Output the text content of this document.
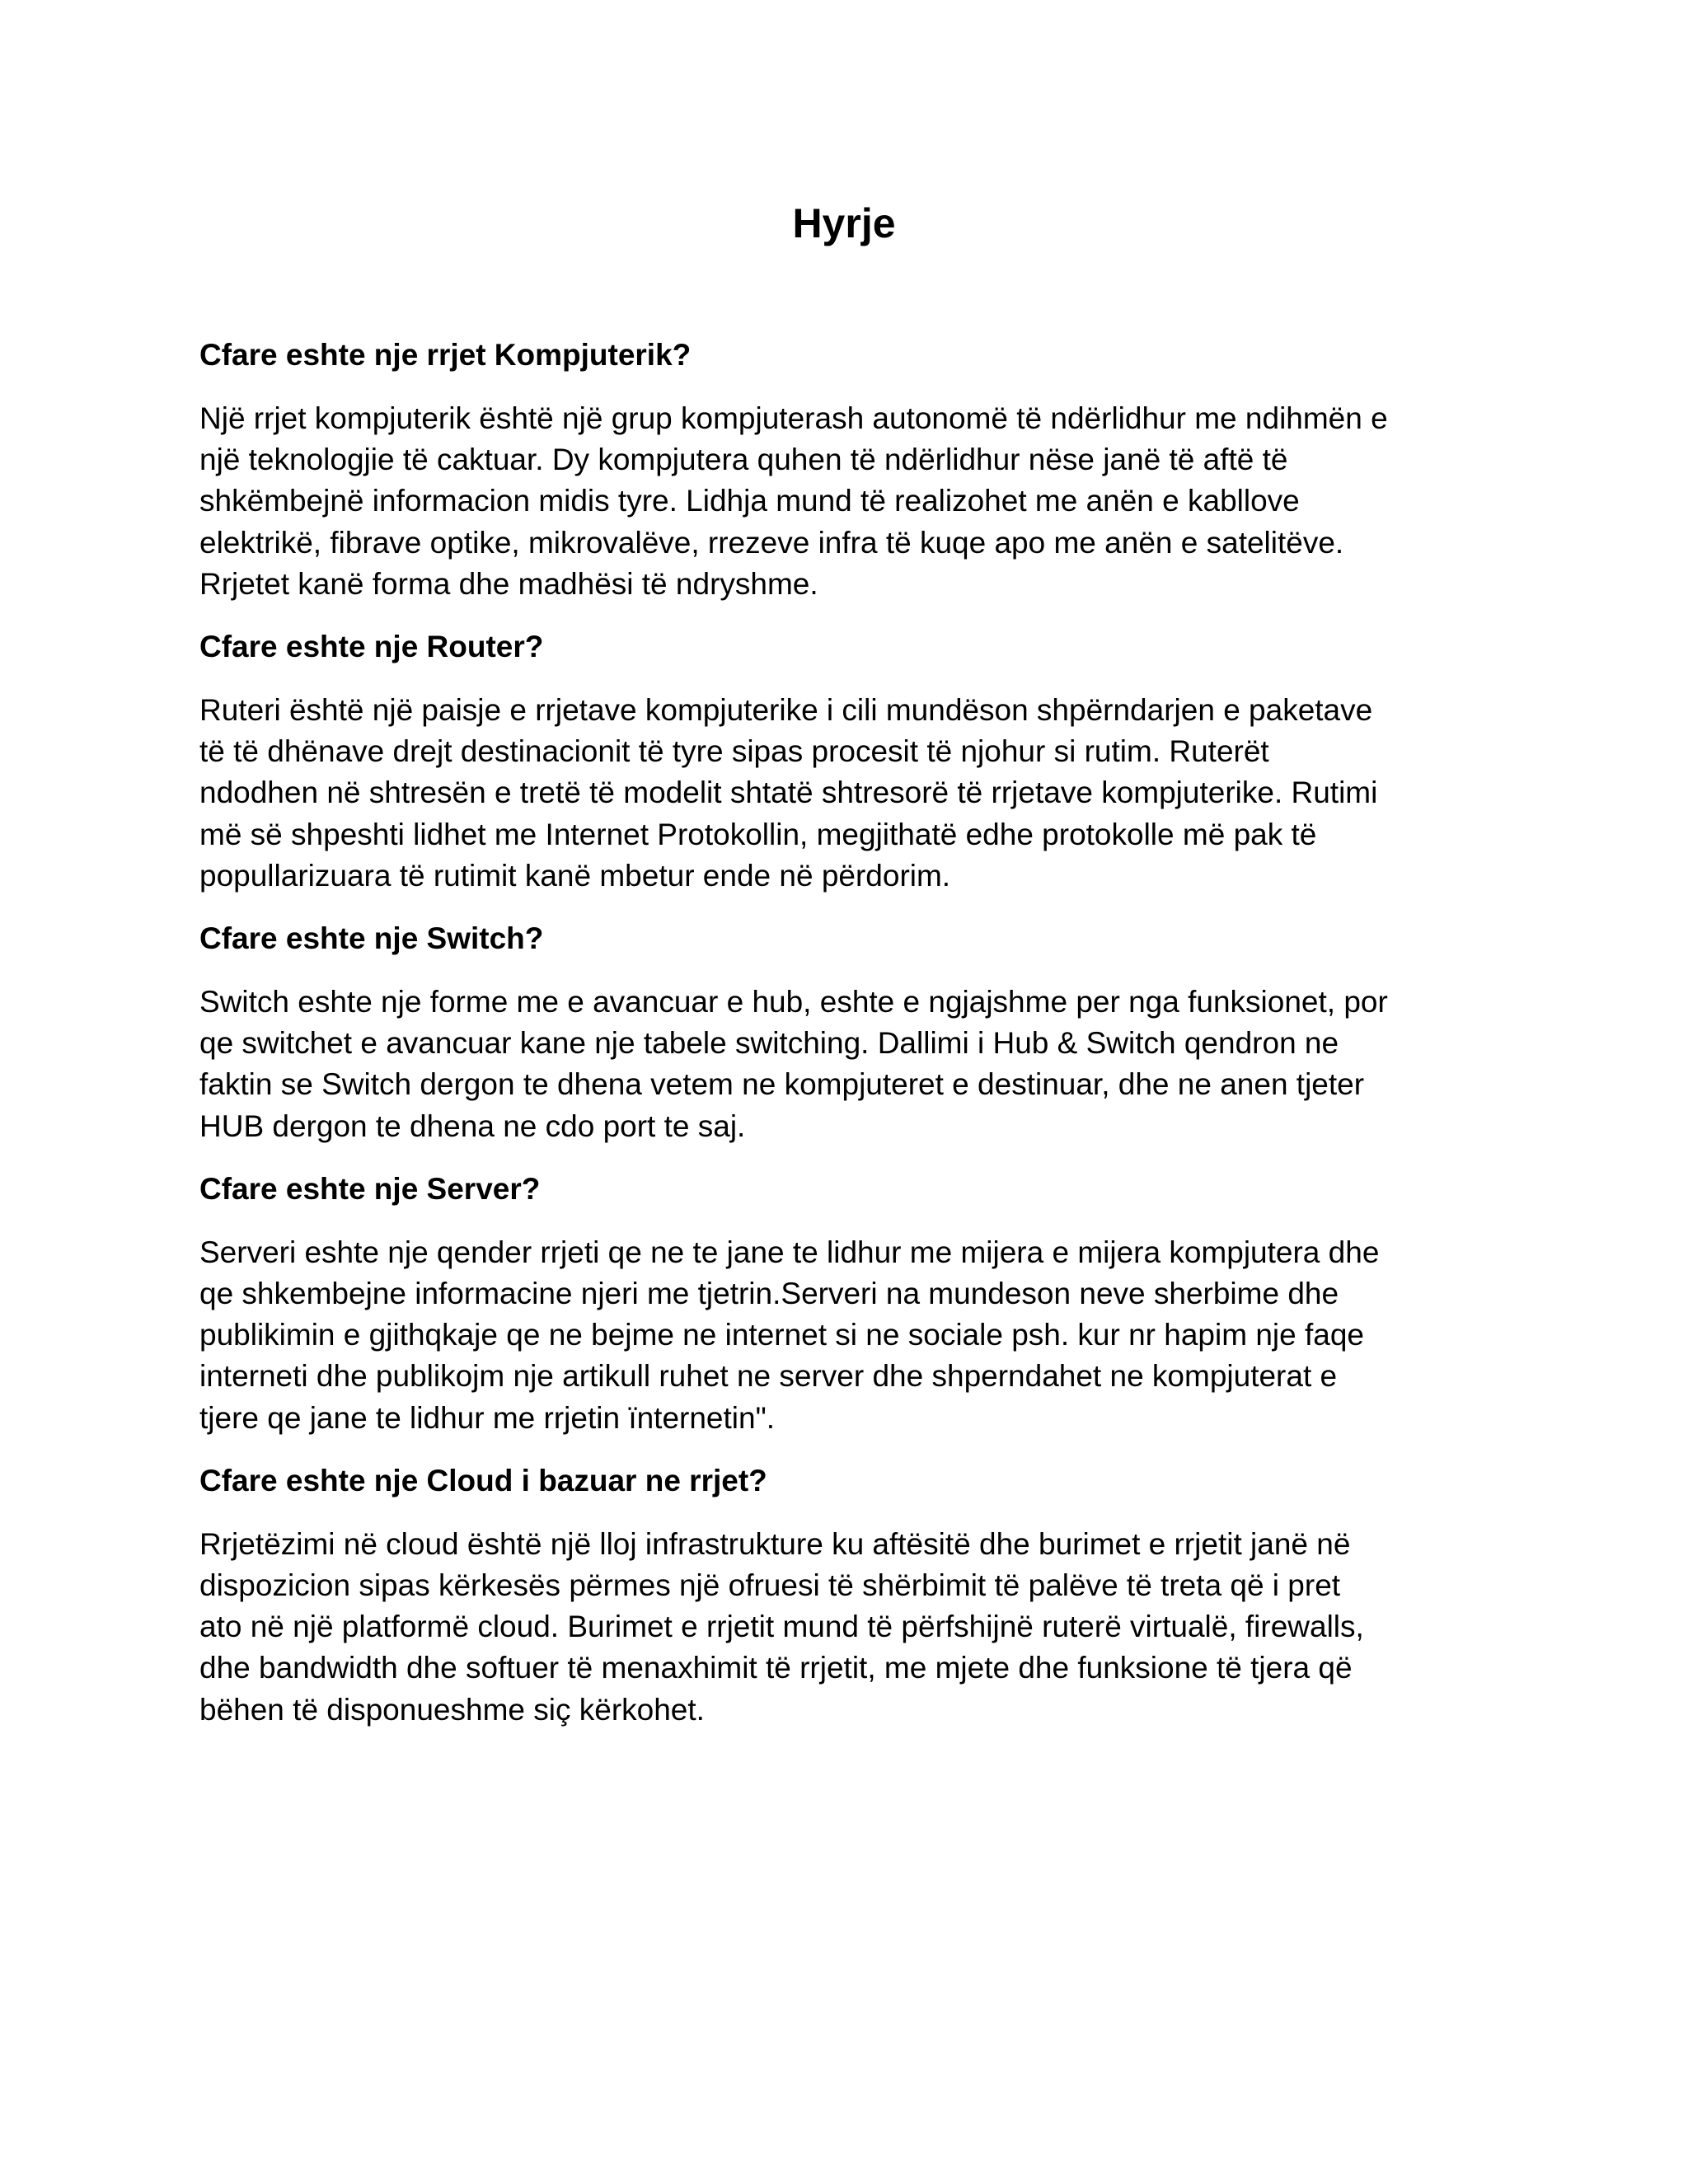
Hyrje

Cfare eshte nje rrjet Kompjuterik?

Një rrjet kompjuterik është një grup kompjuterash autonomë të ndërlidhur me ndihmën e
një teknologjie të caktuar. Dy kompjutera quhen të ndërlidhur nëse janë të aftë të
shkëmbejnë informacion midis tyre. Lidhja mund të realizohet me anën e kabllove
elektrikë, fibrave optike, mikrovalëve, rrezeve infra të kuqe apo me anën e satelitëve.
Rrjetet kanë forma dhe madhësi të ndryshme.

Cfare eshte nje Router?

Ruteri është një paisje e rrjetave kompjuterike i cili mundëson shpërndarjen e paketave
të të dhënave drejt destinacionit të tyre sipas procesit të njohur si rutim. Ruterët
ndodhen në shtresën e tretë të modelit shtatë shtresorë të rrjetave kompjuterike. Rutimi
më së shpeshti lidhet me Internet Protokollin, megjithatë edhe protokolle më pak të
popullarizuara të rutimit kanë mbetur ende në përdorim.

Cfare eshte nje Switch?

Switch eshte nje forme me e avancuar e hub, eshte e ngjajshme per nga funksionet, por
qe switchet e avancuar kane nje tabele switching. Dallimi i Hub & Switch qendron ne
faktin se Switch dergon te dhena vetem ne kompjuteret e destinuar, dhe ne anen tjeter
HUB dergon te dhena ne cdo port te saj.

Cfare eshte nje Server?

Serveri eshte nje qender rrjeti qe ne te jane te lidhur me mijera e mijera kompjutera dhe
qe shkembejne informacine njeri me tjetrin.Serveri na mundeson neve sherbime dhe
publikimin e gjithqkaje qe ne bejme ne internet si ne sociale psh. kur nr hapim nje faqe
interneti dhe publikojm nje artikull ruhet ne server dhe shperndahet ne kompjuterat e
tjere qe jane te lidhur me rrjetin ïnternetin".

Cfare eshte nje Cloud i bazuar ne rrjet?

Rrjetëzimi në cloud është një lloj infrastrukture ku aftësitë dhe burimet e rrjetit janë në
dispozicion sipas kërkesës përmes një ofruesi të shërbimit të palëve të treta që i pret
ato në një platformë cloud. Burimet e rrjetit mund të përfshijnë ruterë virtualë, firewalls,
dhe bandwidth dhe softuer të menaxhimit të rrjetit, me mjete dhe funksione të tjera që
bëhen të disponueshme siç kërkohet.
